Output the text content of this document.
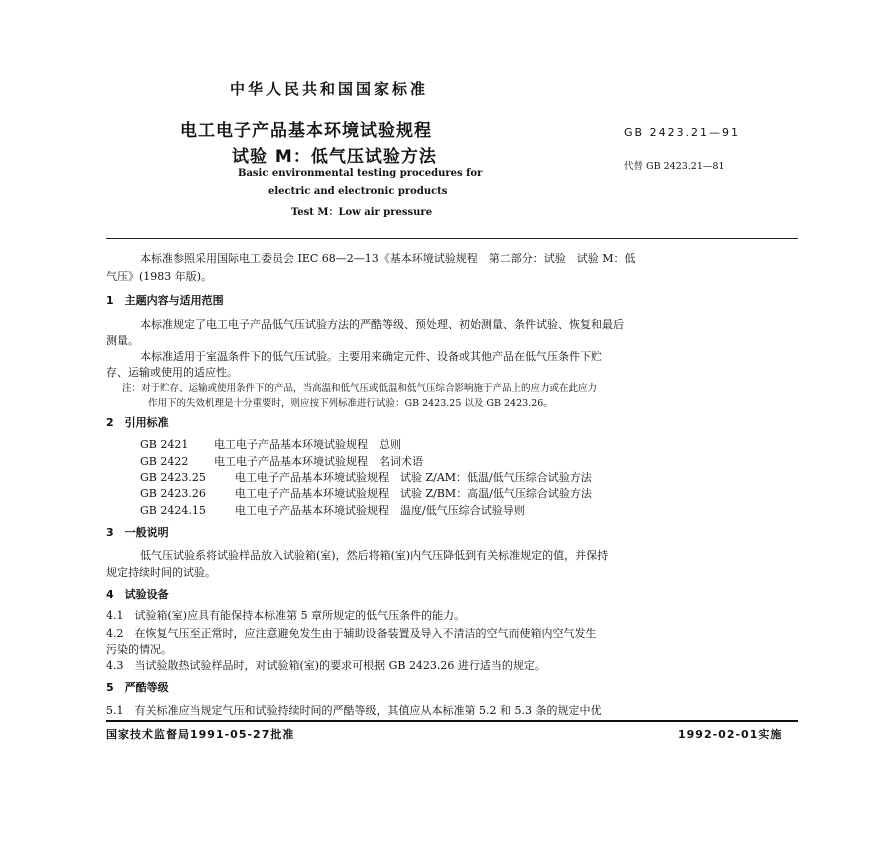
中华人民共和国国家标准
电工电子产品基本环境试验规程
试验 M：低气压试验方法
Basic environmental testing procedures for
electric and electronic products
Test M：Low air pressure
GB 2423.21—91
代替 GB 2423.21—81
本标准参照采用国际电工委员会 IEC 68—2—13《基本环境试验规程　第二部分：试验　试验 M：低
气压》(1983 年版)。
1　主题内容与适用范围
本标准规定了电工电子产品低气压试验方法的严酷等级、预处理、初始测量、条件试验、恢复和最后
测量。
本标准适用于室温条件下的低气压试验。主要用来确定元件、设备或其他产品在低气压条件下贮
存、运输或使用的适应性。
注：对于贮存、运输或使用条件下的产品，当高温和低气压或低温和低气压综合影响施于产品上的应力或在此应力
作用下的失效机理是十分重要时，则应按下列标准进行试验：GB 2423.25 以及 GB 2423.26。
2　引用标准
GB 2421 电工电子产品基本环境试验规程　总则
GB 2422 电工电子产品基本环境试验规程　名词术语
GB 2423.25	电工电子产品基本环境试验规程　试验 Z/AM：低温/低气压综合试验方法
GB 2423.26	电工电子产品基本环境试验规程　试验 Z/BM：高温/低气压综合试验方法
GB 2424.15	电工电子产品基本环境试验规程　温度/低气压综合试验导则
3　一般说明
低气压试验系将试验样品放入试验箱(室)，然后将箱(室)内气压降低到有关标准规定的值，并保持
规定持续时间的试验。
4　试验设备
4.1　试验箱(室)应具有能保持本标准第 5 章所规定的低气压条件的能力。
4.2　在恢复气压至正常时，应注意避免发生由于辅助设备装置及导入不清洁的空气而使箱内空气发生
污染的情况。
4.3　当试验散热试验样品时，对试验箱(室)的要求可根据 GB 2423.26 进行适当的规定。
5　严酷等级
5.1　有关标准应当规定气压和试验持续时间的严酷等级，其值应从本标准第 5.2 和 5.3 条的规定中优
国家技术监督局1991-05-27批准	1992-02-01实施
